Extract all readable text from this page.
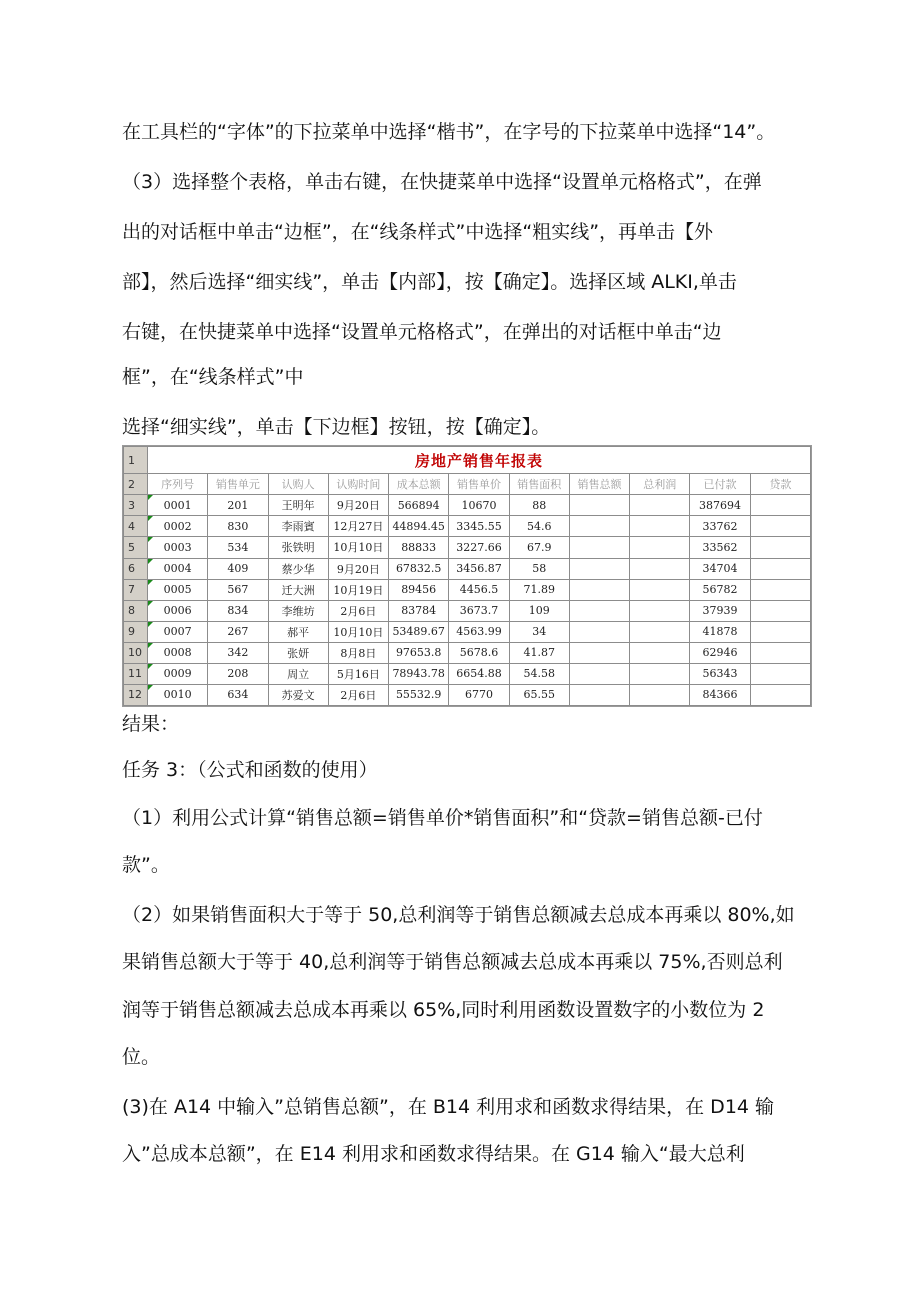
在工具栏的“字体”的下拉菜单中选择“楷书”，在字号的下拉菜单中选择“14”。
（3）选择整个表格，单击右键，在快捷菜单中选择“设置单元格格式”，在弹
出的对话框中单击“边框”，在“线条样式”中选择“粗实线”，再单击【外
部】，然后选择“细实线”，单击【内部】，按【确定】。选择区域 ALKI,单击
右键，在快捷菜单中选择“设置单元格格式”，在弹出的对话框中单击“边
框”，在“线条样式”中
选择“细实线”，单击【下边框】按钮，按【确定】。
1	房地产销售年报表										
2	序列号	销售单元	认购人	认购时间	成本总额	销售单价	销售面积	销售总额	总利润	已付款	贷款
3	0001	201	王明年	9月20日	566894	10670	88			387694	
4	0002	830	李雨賓	12月27日	44894.45	3345.55	54.6			33762	
5	0003	534	张铁明	10月10日	88833	3227.66	67.9			33562	
6	0004	409	蔡少华	9月20日	67832.5	3456.87	58			34704	
7	0005	567	迁大洲	10月19日	89456	4456.5	71.89			56782	
8	0006	834	李维坊	2月6日	83784	3673.7	109			37939	
9	0007	267	郝平	10月10日	53489.67	4563.99	34			41878	
10	0008	342	张妍	8月8日	97653.8	5678.6	41.87			62946	
11	0009	208	周立	5月16日	78943.78	6654.88	54.58			56343	
12	0010	634	苏爱文	2月6日	55532.9	6770	65.55			84366	
结果：
任务 3：（公式和函数的使用）
（1）利用公式计算“销售总额=销售单价*销售面积”和“贷款=销售总额-已付
款”。
（2）如果销售面积大于等于 50,总利润等于销售总额减去总成本再乘以 80%,如
果销售总额大于等于 40,总利润等于销售总额减去总成本再乘以 75%,否则总利
润等于销售总额减去总成本再乘以 65%,同时利用函数设置数字的小数位为 2
位。
(3)在 A14 中输入”总销售总额”，在 B14 利用求和函数求得结果，在 D14 输
入”总成本总额”，在 E14 利用求和函数求得结果。在 G14 输入“最大总利
